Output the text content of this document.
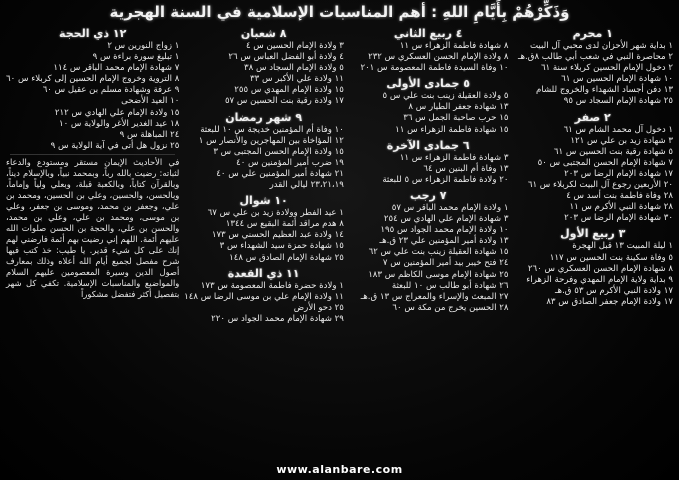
وَذَكِّرْهُمْ بِأَيَّامِ اللهِ : أهم المناسبات الإسلامية في السنة الهجرية
١ محرم
١ بداية شهر الأحزان لدى محبي آل البيت
٢ محاصرة النبي في شعب أبي طالب ٨ق.هـ
٢ دخول الإمام الحسين كربلاء سنة ٦١
١٠ شهادة الإمام الحسين س ٦١
١٣ دفن أجساد الشهداء والخروج للشام
٢٥ شهادة الإمام السجاد س ٩٥
٢ صفر
١ دخول آل محمد الشام س ٦١
٣ شهادة زيد بن علي س ١٢١
٥ شهادة رقية بنت الحسين س ٦١
٧ شهادة الإمام الحسن المجتبى س ٥٠
١٧ شهادة الإمام الرضا س ٢٠٣
٢٠ الأربعين رجوع آل البيت لكربلاء س ٦١
٢٨ وفاة فاطمة بنت أسد س ٤
٢٨ شهادة النبي الأكرم س ١١
٣٠ شهادة الإمام الرضا س ٢٠٣
٣ ربيع الأول
١ ليلة المبيت ١٣ قبل الهجرة
٥ وفاة سكينة بنت الحسين س ١١٧
٨ شهادة الإمام الحسن العسكري س ٢٦٠
٩ بداية ولاية الإمام المهدي وفرحة الزهراء
١٧ ولادة النبي الأكرم س ٥٣ ق.هـ
١٧ ولادة الإمام جعفر الصادق س ٨٣
٤ ربيع الثاني
٨ شهادة فاطمة الزهراء س ١١
٨ ولادة الإمام الحسن العسكري س ٢٣٢
١٠ وفاة السيدة فاطمة المعصومة س ٢٠١
٥ جمادى الأولى
٥ ولادة العقيلة زينب بنت علي س ٥
١٣ شهادة جعفر الطيار س ٨
١٥ حرب صاحبة الجمل س ٣٦
١٥ شهادة فاطمة الزهراء س ١١
٦ جمادى الآخرة
٣ شهادة فاطمة الزهراء س ١١
١٣ وفاة أم البنين س ٦٤
٢٠ ولادة فاطمة الزهراء س ٥ للبعثة
٧ رجب
١ ولادة الإمام محمد الباقر س ٥٧
٣ شهادة الإمام علي الهادي س ٢٥٤
١٠ ولادة الإمام محمد الجواد س ١٩٥
١٣ ولادة أمير المؤمنين علي ٢٣ ق.هـ
١٥ شهادة العقيلة زينب بنت علي س ٦٢
٢٤ فتح خيبر بيد أمير المؤمنين س ٧
٢٥ شهادة الإمام موسى الكاظم س ١٨٣
٢٦ شهادة أبو طالب س ١٠ للبعثة
٢٧ المبعث والإسراء والمعراج س ١٣ ق.هـ
٢٨ الحسين يخرج من مكة س ٦٠
٨ شعبان
٣ ولادة الإمام الحسين س ٤
٤ ولادة أبو الفضل العباس س ٢٦
٥ ولادة الإمام السجاد س ٣٨
١١ ولادة علي الأكبر س ٣٣
١٥ ولادة الإمام المهدي س ٢٥٥
١٧ ولادة رقية بنت الحسين س ٥٧
٩ شهر رمضان
١٠ وفاة أم المؤمنين خديجة س ١٠ للبعثة
١٢ المؤاخاة بين المهاجرين والأنصار س ١
١٥ ولادة الإمام الحسن المجتبى س ٣
١٩ ضرب أمير المؤمنين س ٤٠
٢١ شهادة أمير المؤمنين علي س ٤٠
٢٣،٢١،١٩ ليالي القدر
١٠ شوال
١ عيد الفطر وولادة زيد بن علي س ٦٧
٨ هدم مراقد أئمة البقيع س ١٣٤٤
١٤ ولادة عبد العظيم الحسني س ١٧٣
١٥ شهادة حمزة سيد الشهداء س ٣
٢٥ شهادة الإمام الصادق س ١٤٨
١١ ذي القعدة
١ ولادة حضرة فاطمة المعصومة س ١٧٣
١١ ولادة الإمام علي بن موسى الرضا س ١٤٨
٢٥ دحو الأرض
٢٩ شهادة الإمام محمد الجواد س ٢٢٠
١٢ ذي الحجة
١ زواج النورين س ٢
١ تبليغ سورة براءة س ٩
٧ شهادة الإمام محمد الباقر س ١١٤
٨ التروية وخروج الإمام الحسين إلى كربلاء س ٦٠
٩ عرفة وشهادة مسلم بن عقيل س ٦٠
١٠ العيد الأضحى
١٥ ولادة الإمام علي الهادي س ٢١٢
١٨ عيد الغدير الأغر والولاية س ١٠
٢٤ المباهلة س ٩
٢٥ نزول هل أتى في آية الولاية س ٩
في الأحاديث الإيمان مستقر ومستودع والدعاء لثباته: رضيت بالله رباً، وبمحمد نبياً، وبالإسلام ديناً، وبالقرآن كتاباً، وبالكعبة قبلة، وبعلي ولياً وإماماً، وبالحسن، والحسين، وعلي بن الحسين، ومحمد بن علي، وجعفر بن محمد، وموسى بن جعفر، وعلي بن موسى، ومحمد بن علي، وعلي بن محمد، والحسن بن علي، والحجة بن الحسن صلوات الله عليهم أئمة. اللهم إني رضيت بهم أئمة فارضني لهم إنك على كل شيء قدير. يا طيب: خذ كتب فيها شرح مفصل لجميع أيام الله أعلاه وذلك بمعارف أصول الدين وسيرة المعصومين عليهم السلام والمواضيع والمناسبات الإسلامية. تكفي كل شهر بتفصيل أكثر فتفضل مشكوراً
www.alanbare.com
